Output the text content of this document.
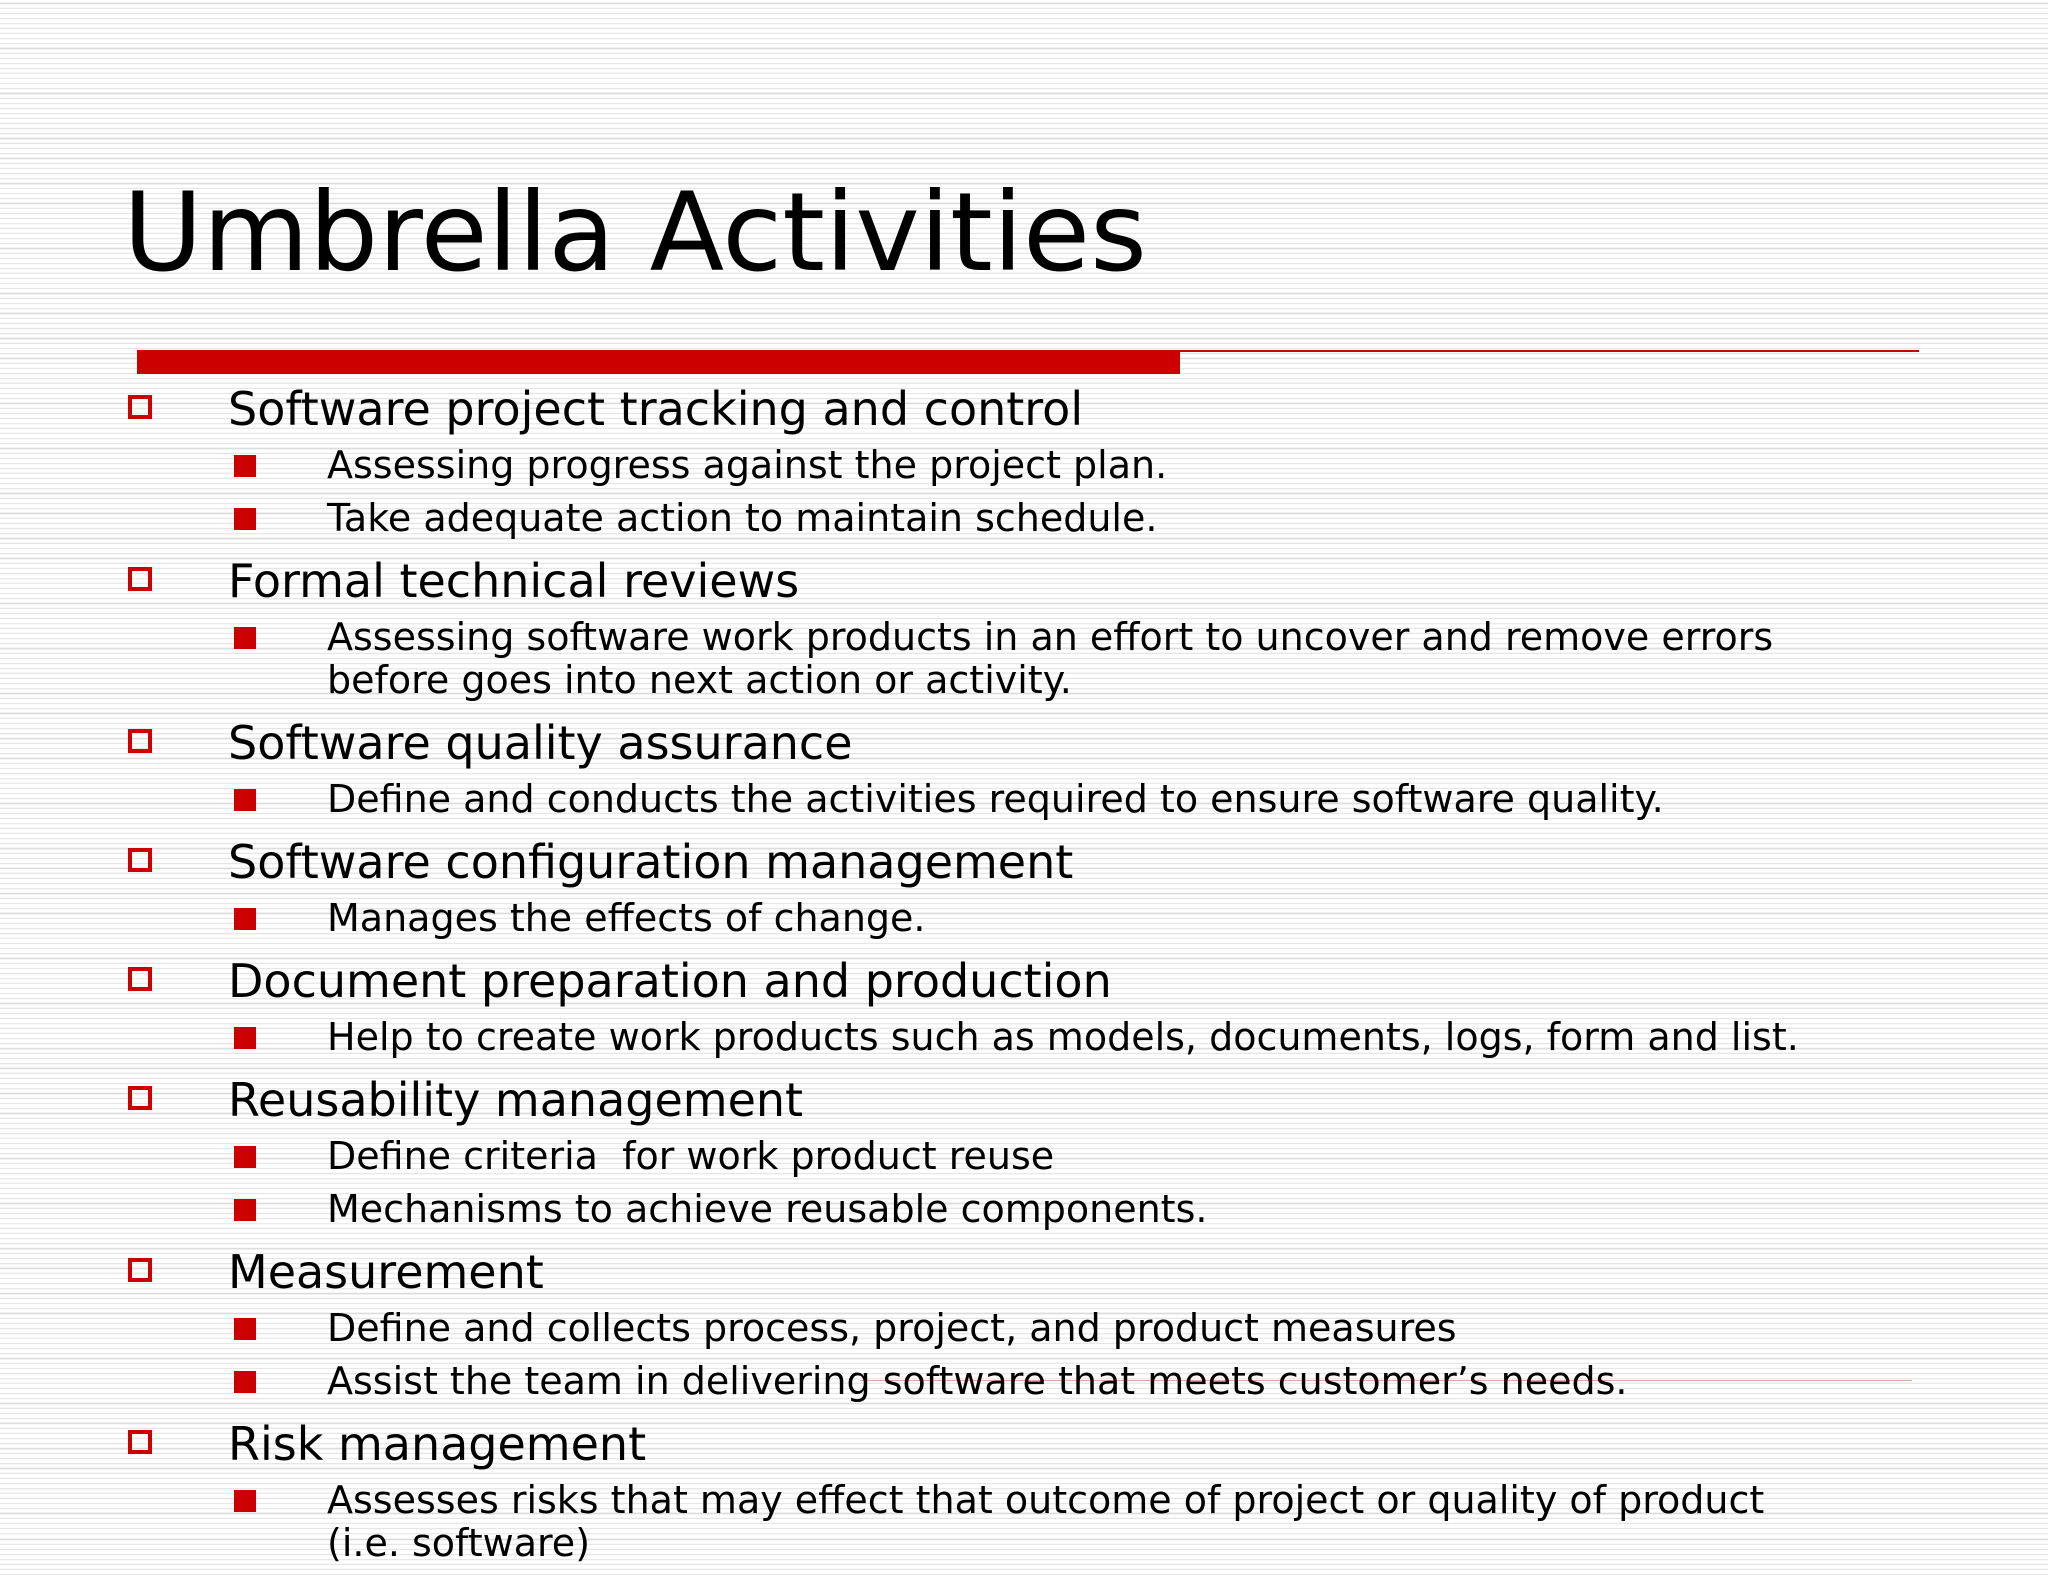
Umbrella Activities
Software project tracking and control
Assessing progress against the project plan.
Take adequate action to maintain schedule.
Formal technical reviews
Assessing software work products in an effort to uncover and remove errors
before goes into next action or activity.
Software quality assurance
Define and conducts the activities required to ensure software quality.
Software configuration management
Manages the effects of change.
Document preparation and production
Help to create work products such as models, documents, logs, form and list.
Reusability management
Define criteria  for work product reuse
Mechanisms to achieve reusable components.
Measurement
Define and collects process, project, and product measures
Assist the team in delivering software that meets customer’s needs.
Risk management
Assesses risks that may effect that outcome of project or quality of product
(i.e. software)
